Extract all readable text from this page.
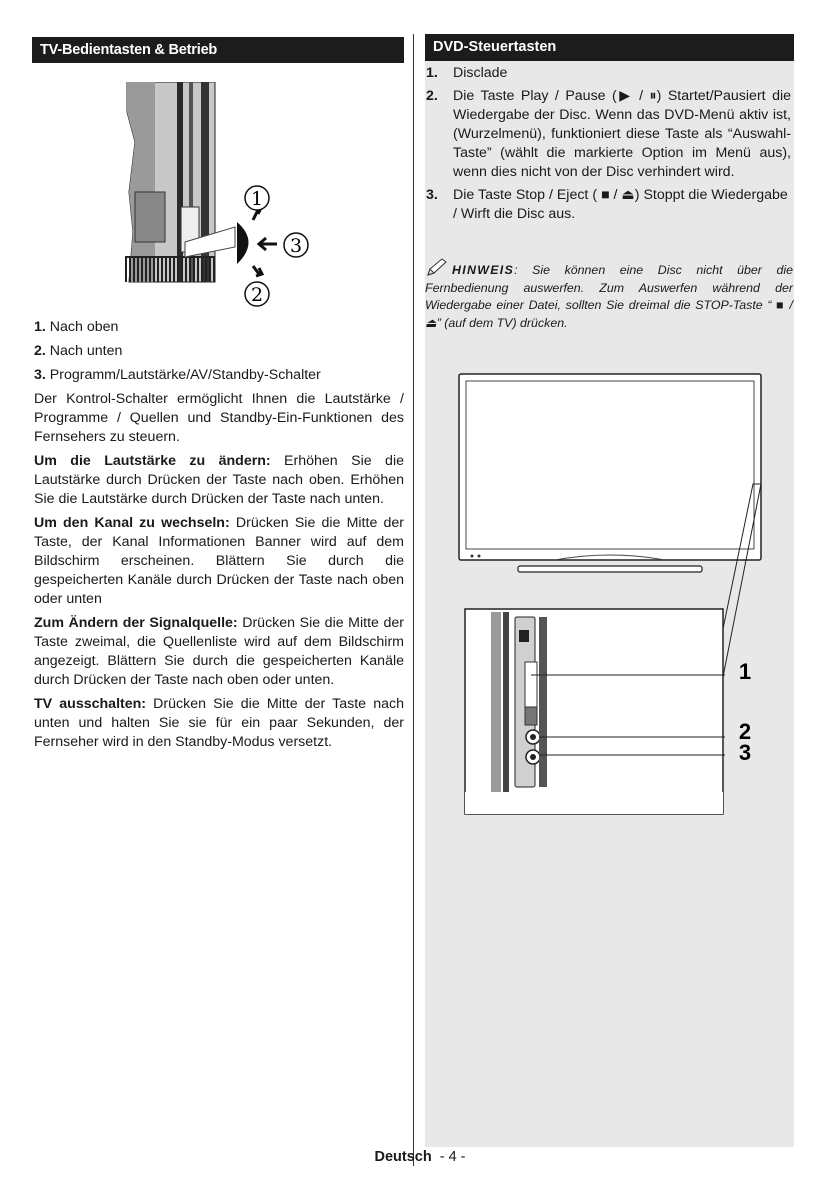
TV-Bedientasten & Betrieb	DVD-Steuertasten
1
3
2

1. Nach oben

2. Nach unten

3. Programm/Lautstärke/AV/Standby-Schalter

Der Kontrol-Schalter ermöglicht Ihnen die Lautstärke / Programme / Quellen und Standby-Ein-Funktionen des Fernsehers zu steuern.

Um die Lautstärke zu ändern: Erhöhen Sie die Lautstärke durch Drücken der Taste nach oben. Erhöhen Sie die Lautstärke durch Drücken der Taste nach unten.

Um den Kanal zu wechseln: Drücken Sie die Mitte der Taste, der Kanal Informationen Banner wird auf dem Bildschirm erscheinen. Blättern Sie durch die gespeicherten Kanäle durch Drücken der Taste nach oben oder unten

Zum Ändern der Signalquelle: Drücken Sie die Mitte der Taste zweimal, die Quellenliste wird auf dem Bildschirm angezeigt. Blättern Sie durch die gespeicherten Kanäle durch Drücken der Taste nach oben oder unten.

TV ausschalten: Drücken Sie die Mitte der Taste nach unten und halten Sie sie für ein paar Sekunden, der Fernseher wird in den Standby-Modus versetzt.

1. Disclade
2. Die Taste Play / Pause (▶ / ⏸) Startet/Pausiert die Wiedergabe der Disc. Wenn das DVD-Menü aktiv ist, (Wurzelmenü), funktioniert diese Taste als “Auswahl-Taste” (wählt die markierte Option im Menü aus), wenn dies nicht von der Disc verhindert wird.
3. Die Taste Stop / Eject ( ■ / ⏏) Stoppt die Wiedergabe / Wirft die Disc aus.
HINWEIS: Sie können eine Disc nicht über die Fernbedienung auswerfen. Zum Auswerfen während der Wiedergabe einer Datei, sollten Sie dreimal die STOP-Taste “ ■ / ⏏” (auf dem TV) drücken.
1
2
3
Deutsch - 4 -
